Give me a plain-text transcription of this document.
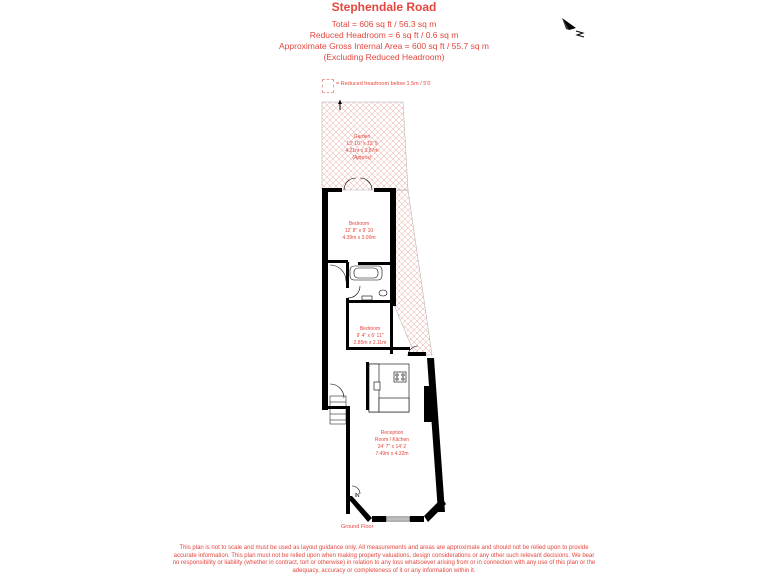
Stephendale Road
Total = 606 sq ft / 56.3 sq m
Reduced Headroom = 6 sq ft / 0.6 sq m
Approximate Gross Internal Area = 600 sq ft / 55.7 sq m
(Excluding Reduced Headroom)
= Reduced headroom below 1.5m / 5'0
IN
Garden
13' 10" x 12' 9
4.21m x 3.87m
(Approx)
Bedroom
12' 8" x 9' 10
4.39m x 3.00m
Bedroom
9' 4" x 6' 11"
2.85m x 2.11m
Reception
Room / Kitchen
24' 7" x 14' 2
7.49m x 4.32m
Ground Floor
This plan is not to scale and must be used as layout guidance only. All measurements and areas are approximate and should not be relied upon to provide accurate information. This plan must not be relied upon when making property valuations, design considerations or any other such relevant decisions. We bear no responsibility or liability (whether in contract, tort or otherwise) in relation to any loss whatsoever arising from or in connection with any use of this plan or the adequacy, accuracy or completeness of it or any information within it.
